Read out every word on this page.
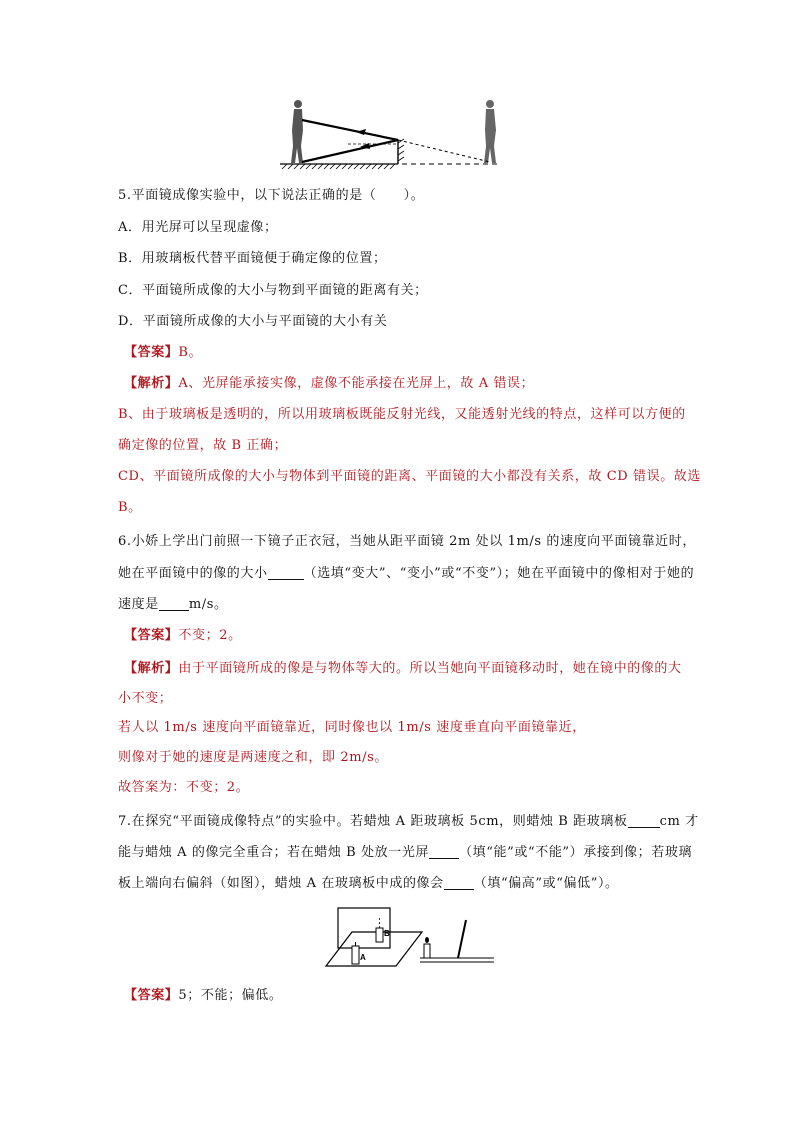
5.平面镜成像实验中，以下说法正确的是（　　）。
A．用光屏可以呈现虚像；
B．用玻璃板代替平面镜便于确定像的位置；
C．平面镜所成像的大小与物到平面镜的距离有关；
D．平面镜所成像的大小与平面镜的大小有关
【答案】B。
【解析】A、光屏能承接实像，虚像不能承接在光屏上，故 A 错误；
B、由于玻璃板是透明的，所以用玻璃板既能反射光线，又能透射光线的特点，这样可以方便的
确定像的位置，故 B 正确；
CD、平面镜所成像的大小与物体到平面镜的距离、平面镜的大小都没有关系，故 CD 错误。故选
B。
6.小娇上学出门前照一下镜子正衣冠，当她从距平面镜 2m 处以 1m/s 的速度向平面镜靠近时，
她在平面镜中的像的大小	（选填“变大”、“变小”或“不变”）；她在平面镜中的像相对于她的
速度是 m/s。
【答案】不变；2。
【解析】由于平面镜所成的像是与物体等大的。所以当她向平面镜移动时，她在镜中的像的大
小不变；
若人以 1m/s 速度向平面镜靠近，同时像也以 1m/s 速度垂直向平面镜靠近，
则像对于她的速度是两速度之和，即 2m/s。
故答案为：不变；2。
7.在探究“平面镜成像特点”的实验中。若蜡烛 A 距玻璃板 5cm，则蜡烛 B 距玻璃板 cm 才
能与蜡烛 A 的像完全重合；若在蜡烛 B 处放一光屏 （填“能”或“不能”）承接到像；若玻璃
板上端向右偏斜（如图），蜡烛 A 在玻璃板中成的像会 （填“偏高”或“偏低”）。
B
A
【答案】5；不能；偏低。
